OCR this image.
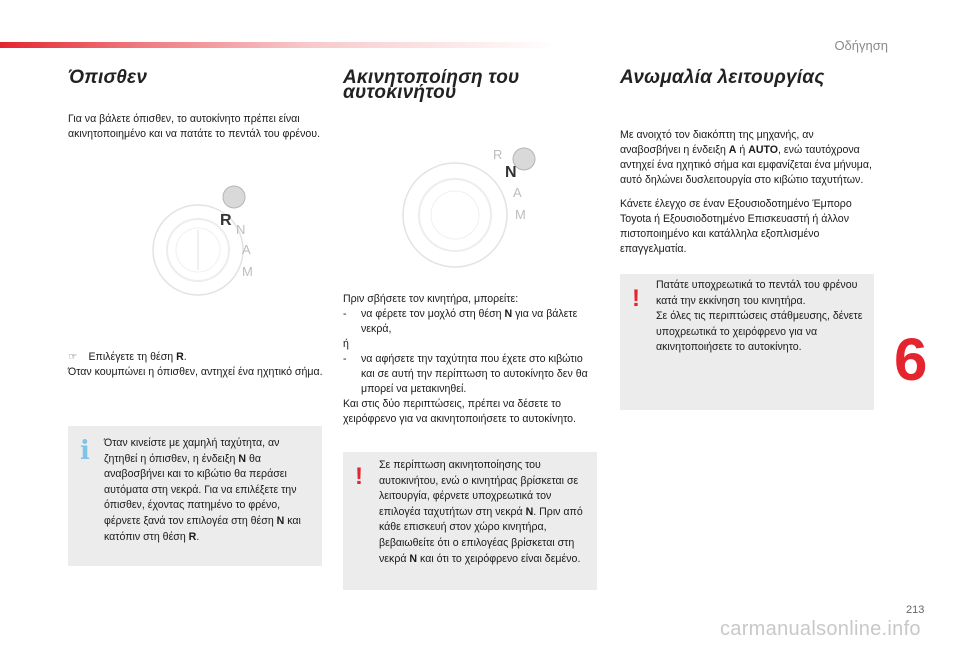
Οδήγηση
6
Όπισθεν

Για να βάλετε όπισθεν, το αυτοκίνητο πρέπει είναι ακινητοποιημένο και να πατάτε το πεντάλ του φρένου.

R
N
A
M
☞ Επιλέγετε τη θέση R.
Όταν κουμπώνει η όπισθεν, αντηχεί ένα ηχητικό σήμα.
i	Όταν κινείστε με χαμηλή ταχύτητα, αν ζητηθεί η όπισθεν, η ένδειξη N θα αναβοσβήνει και το κιβώτιο θα περάσει αυτόματα στη νεκρά. Για να επιλέξετε την όπισθεν, έχοντας πατημένο το φρένο, φέρνετε ξανά τον επιλογέα στη θέση N και κατόπιν στη θέση R.
Ακινητοποίηση του αυτοκινήτου
R
N
A
M
Πριν σβήσετε τον κινητήρα, μπορείτε:
-	να φέρετε τον μοχλό στη θέση N για να βάλετε νεκρά,
ή
-	να αφήσετε την ταχύτητα που έχετε στο κιβώτιο και σε αυτή την περίπτωση το αυτοκίνητο δεν θα μπορεί να μετακινηθεί.
Και στις δύο περιπτώσεις, πρέπει να δέσετε το χειρόφρενο για να ακινητοποιήσετε το αυτοκίνητο.
! Σε περίπτωση ακινητοποίησης του αυτοκινήτου, ενώ ο κινητήρας βρίσκεται σε λειτουργία, φέρνετε υποχρεωτικά τον επιλογέα ταχυτήτων στη νεκρά N. Πριν από κάθε επισκευή στον χώρο κινητήρα, βεβαιωθείτε ότι ο επιλογέας βρίσκεται στη νεκρά N και ότι το χειρόφρενο είναι δεμένο.
Ανωμαλία λειτουργίας

Με ανοιχτό τον διακόπτη της μηχανής, αν αναβοσβήνει η ένδειξη A ή AUTO, ενώ ταυτόχρονα αντηχεί ένα ηχητικό σήμα και εμφανίζεται ένα μήνυμα, αυτό δηλώνει δυσλειτουργία στο κιβώτιο ταχυτήτων.

Κάνετε έλεγχο σε έναν Εξουσιοδοτημένο Έμπορο Toyota ή Εξουσιοδοτημένο Επισκευαστή ή άλλον πιστοποιημένο και κατάλληλα εξοπλισμένο επαγγελματία.

! Πατάτε υποχρεωτικά το πεντάλ του φρένου κατά την εκκίνηση του κινητήρα.
Σε όλες τις περιπτώσεις στάθμευσης, δένετε υποχρεωτικά το χειρόφρενο για να ακινητοποιήσετε το αυτοκίνητο.
213
carmanualsonline.info
